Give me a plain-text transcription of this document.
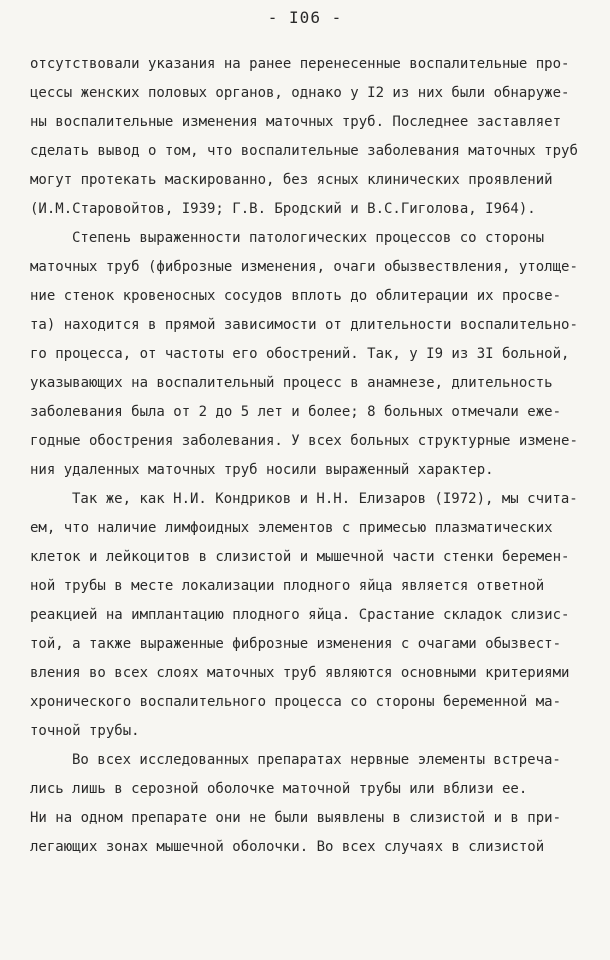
- I06 -
отсутствовали указания на ранее перенесенные воспалительные про-
цессы женских половых органов, однако у I2 из них были обнаруже-
ны воспалительные изменения маточных труб. Последнее заставляет
сделать вывод о том, что воспалительные заболевания маточных труб
могут протекать маскированно, без ясных клинических проявлений
(И.М.Старовойтов, I939; Г.В. Бродский и В.С.Гиголова, I964).
Степень выраженности патологических процессов со стороны
маточных труб (фиброзные изменения, очаги обызвествления, утолще-
ние стенок кровеносных сосудов вплоть до облитерации их просве-
та) находится в прямой зависимости от длительности воспалительно-
го процесса, от частоты его обострений. Так, у I9 из 3I больной,
указывающих на воспалительный процесс в анамнезе, длительность
заболевания была от 2 до 5 лет и более; 8 больных отмечали еже-
годные обострения заболевания. У всех больных структурные измене-
ния удаленных маточных труб носили выраженный характер.
Так же, как Н.И. Кондриков и Н.Н. Елизаров (I972), мы счита-
ем, что наличие лимфоидных элементов с примесью плазматических
клеток и лейкоцитов в слизистой и мышечной части стенки беремен-
ной трубы в месте локализации плодного яйца является ответной
реакцией на имплантацию плодного яйца. Срастание складок слизис-
той, а также выраженные фиброзные изменения с очагами обызвест-
вления во всех слоях маточных труб являются основными критериями
хронического воспалительного процесса со стороны беременной ма-
точной трубы.
Во всех исследованных препаратах нервные элементы встреча-
лись лишь в серозной оболочке маточной трубы или вблизи ее.
Ни на одном препарате они не были выявлены в слизистой и в при-
легающих зонах мышечной оболочки. Во всех случаях в слизистой
